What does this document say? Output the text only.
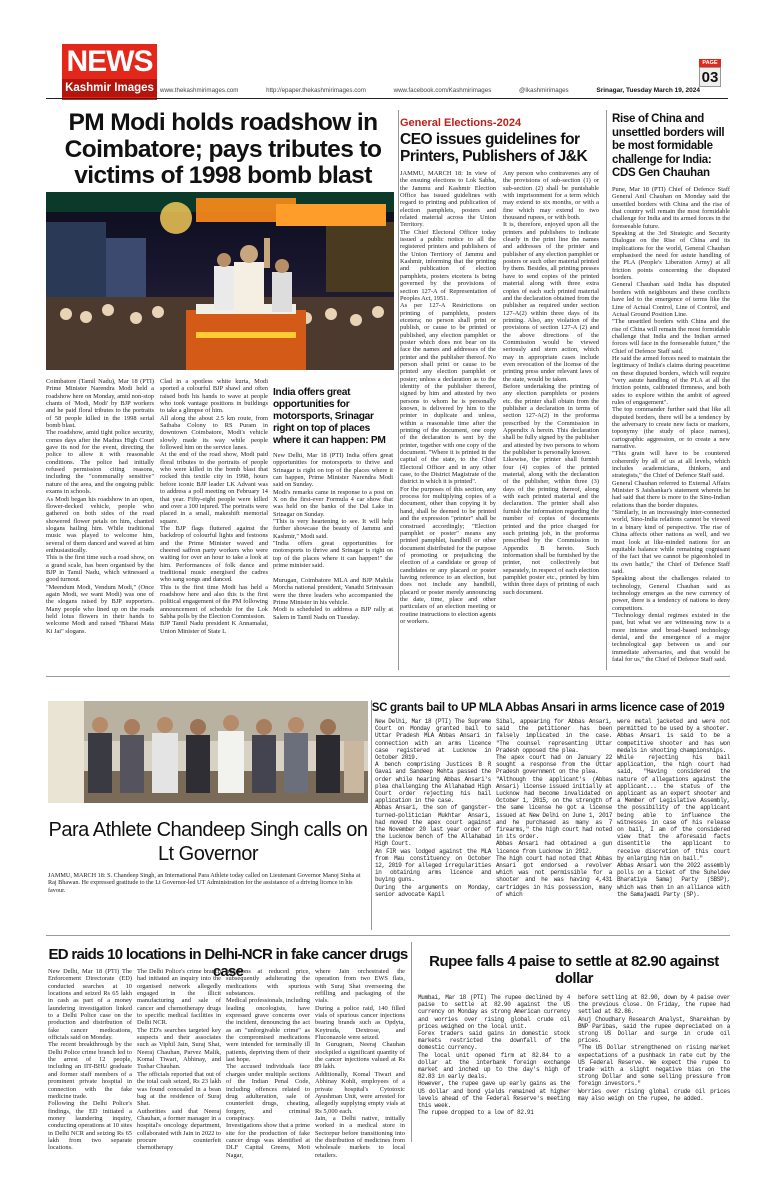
NEWS
Kashmir Images www.thekashmirimages.com	http://epaper.thekashmirimages.com	www.facebook.com/Kashmirimages	@Ikashmirimages	Srinagar, Tuesday March 19, 2024
PAGE
03
PM Modi holds roadshow in Coimbatore; pays tributes to victims of 1998 bomb blast
Coimbatore (Tamil Nadu), Mar 18 (PTI) Prime Minister Narendra Modi held a roadshow here on Monday, amid non-stop chants of 'Modi, Modi' by BJP workers and he paid floral tributes to the portraits of 58 people killed in the 1998 serial bomb blast.
The roadshow, amid tight police security, comes days after the Madras High Court gave its nod for the event, directing the police to allow it with reasonable conditions. The police had initially refused permission citing reasons, including the "communally sensitive" nature of the area, and the ongoing public exams in schools.
As Modi began his roadshow in an open, flower-decked vehicle, people who gathered on both sides of the road showered flower petals on him, chanted slogans hailing him. While traditional music was played to welcome him, several of them danced and waved at him enthusiastically.
This is the first time such a road show, on a grand scale, has been organised by the BJP in Tamil Nadu, which witnessed a good turnout.
"Meendum Modi, Vendum Modi," (Once again Modi, we want Modi) was one of the slogans raised by BJP supporters. Many people who lined up on the roads held lotus flowers in their hands to welcome Modi and raised "Bharat Mata Ki Jai" slogans.
Clad in a spotless white kurta, Modi sported a colourful BJP shawl and often raised both his hands to wave at people who took vantage positions in buildings to take a glimpse of him.
All along the about 2.5 km route, from Saibaba Colony to RS Puram in downtown Coimbatore, Modi's vehicle slowly made its way while people followed him on the service lanes.
At the end of the road show, Modi paid floral tributes to the portraits of people who were killed in the bomb blast that rocked this textile city in 1998, hours before iconic BJP leader LK Advani was to address a poll meeting on February 14 that year. Fifty-eight people were killed and over a 100 injured. The portraits were placed in a small, makeshift memorial square.
The BJP flags fluttered against the backdrop of colourful lights and festoons and the Prime Minister waved and cheered saffron party workers who were waiting for over an hour to take a look at him. Performances of folk dance and traditional music energised the cadres who sang songs and danced.
This is the first time Modi has held a roadshow here and also this is the first political engagement of the PM following announcement of schedule for the Lok Sabha polls by the Election Commission.
BJP Tamil Nadu president K Annamalai, Union Minister of State L
India offers great opportunities for motorsports, Srinagar right on top of places where it can happen: PM
New Delhi, Mar 18 (PTI) India offers great opportunities for motorsports to thrive and Srinagar is right on top of the places where it can happen, Prime Minister Narendra Modi said on Sunday.
Modi's remarks came in response to a post on X on the first-ever Formula 4 car show that was held on the banks of the Dal Lake in Srinagar on Sunday.
"This is very heartening to see. It will help further showcase the beauty of Jammu and Kashmir," Modi said.
"India offers great opportunities for motorsports to thrive and Srinagar is right on top of the places where it can happen!" the prime minister said.
Murugan, Coimbatore MLA and BJP Mahila Morcha national president, Vanathi Srinivasan were the three leaders who accompanied the Prime Minister in his vehicle.
Modi is scheduled to address a BJP rally at Salem in Tamil Nadu on Tuesday.
General Elections-2024
CEO issues guidelines for Printers, Publishers of J&K
JAMMU, MARCH 18: In view of the ensuing elections to Lok Sabha, the Jammu and Kashmir Election Office has issued guidelines with regard to printing and publication of election pamphlets, posters and related material across the Union Territory.
The Chief Electoral Officer today issued a public notice to all the registered printers and publishers of the Union Territory of Jammu and Kashmir, informing that the printing and publication of election pamphlets, posters etcetera is being governed by the provisions of section 127-A of Representation of Peoples Act, 1951.
As per 127-A Restrictions on printing of pamphlets, posters etcetera; no person shall print or publish, or cause to be printed or published, any election pamphlet or poster which does not bear on its face the names and addresses of the printer and the publisher thereof. No person shall print or cause to be printed any election pamphlet or poster; unless a declaration as to the identity of the publisher thereof, signed by him and attested by two persons to whom he is personally known, is delivered by him to the printer in duplicate and unless, within a reasonable time after the printing of the document, one copy of the declaration is sent by the printer, together with one copy of the document. "Where it is printed in the capital of the state, to the Chief Electoral Officer and in any other case, to the District Magistrate of the district in which it is printed".
For the purposes of this section, any process for multiplying copies of a document, other than copying it by hand, shall be deemed to be printed and the expression "printer" shall be construed accordingly; "Election pamphlet or poster" means any printed pamphlet, handbill or other document distributed for the purpose of promoting or prejudicing the election of a candidate or group of candidates or any placard or poster having reference to an election, but does not include any handbill, placard or poster merely announcing the date, time, place and other particulars of an election meeting or routine instructions to election agents or workers.
Any person who contravenes any of the provisions of sub-section (1) or sub-section (2) shall be punishable with imprisonment for a term which may extend to six months, or with a fine which may extend to two thousand rupees, or with both.
It is, therefore, enjoyed upon all the printers and publishers to indicate clearly in the print line the names and addresses of the printer and publisher of any election pamphlet or posters or such other material printed by them. Besides, all printing presses have to send copies of the printed material along with three extra copies of each such printed material and the declaration obtained from the publisher as required under section 127-A(2) within three days of its printing. Also, any violation of the provisions of section 127-A (2) and the above directions of the Commission would be viewed seriously and stern action, which may in appropriate cases include even revocation of the license of the printing press under relevant laws of the state, would be taken.
Before undertaking the printing of any election pamphlets or posters etc. the printer shall obtain from the publisher a declaration in terms of section 127-A(2) in the proforma prescribed by the Commission in Appendix A herein. This declaration shall be fully signed by the publisher and attested by two persons to whom the publisher is personally known.
Likewise, the printer shall furnish four (4) copies of the printed material, along with the declaration of the publisher, within three (3) days of the printing thereof, along with each printed material and the declaration. The printer shall also furnish the information regarding the number of copies of documents printed and the price charged for such printing job, in the proforma prescribed by the Commission in Appendix B hereto. Such information shall be furnished by the printer, not collectively but separately, in respect of each election pamphlet poster etc., printed by him within three days of printing of each such document.
Rise of China and unsettled borders will be most formidable challenge for India: CDS Gen Chauhan
Pune, Mar 18 (PTI) Chief of Defence Staff General Anil Chauhan on Monday said the unsettled borders with China and the rise of that country will remain the most formidable challenge for India and its armed forces in the foreseeable future.
Speaking at the 3rd Strategic and Security Dialogue on the Rise of China and its implications for the world, General Chauhan emphasised the need for astute handling of the PLA (People's Liberation Army) at all friction points concerning the disputed borders.
General Chauhan said India has disputed borders with neighbours and these conflicts have led to the emergence of terms like the Line of Actual Control, Line of Control, and Actual Ground Position Line.
"The unsettled borders with China and the rise of China will remain the most formidable challenge that India and the Indian armed forces will face in the foreseeable future," the Chief of Defence Staff said.
He said the armed forces need to maintain the legitimacy of India's claims during peacetime on these disputed borders, which will require "very astute handling of the PLA at all the friction points, calibrated firmness, and both sides to explore within the ambit of agreed rules of engagement".
The top commander further said that like all disputed borders, there will be a tendency by the adversary to create new facts or markers, toponymy (the study of place names), cartographic aggression, or to create a new narrative.
"This grain will have to be countered coherently by all of us at all levels, which includes academicians, thinkers, and strategists," the Chief of Defence Staff said.
General Chauhan referred to External Affairs Minister S Jaishankar's statement wherein he had said that there is more to the Sino-Indian relations than the border disputes.
"Similarly, in an increasingly inter-connected world, Sino-India relations cannot be viewed in a binary kind of perspective. The rise of China affects other nations as well, and we must look at like-minded nations for an equitable balance while remaining cognisant of the fact that we cannot be pigeonholed in its own battle," the Chief of Defence Staff said.
Speaking about the challenges related to technology, General Chauhan said as technology emerges as the new currency of power, there is a tendency of nations to deny competitors.
"Technology denial regimes existed in the past, but what we are witnessing now is a more intense and broad-based technology denial, and the emergence of a major technological gap between us and our immediate adversaries, and that would be fatal for us," the Chief of Defence Staff said.
Para Athlete Chandeep Singh calls on Lt Governor
JAMMU, MARCH 18: S. Chandeep Singh, an International Para Athlete today called on Lieutenant Governor Manoj Sinha at Raj Bhawan. He expressed gratitude to the Lt Governor-led UT Administration for the assistance of a driving licence in his favour.
SC grants bail to UP MLA Abbas Ansari in arms licence case of 2019
New Delhi, Mar 18 (PTI) The Supreme Court on Monday granted bail to Uttar Pradesh MLA Abbas Ansari in connection with an arms licence case registered at Lucknow in October 2019.
A bench comprising Justices B R Gavai and Sandeep Mehta passed the order while hearing Abbas Ansari's plea challenging the Allahabad High Court order rejecting his bail application in the case.
Abbas Ansari, the son of gangster-turned-politician Mukhtar Ansari, had moved the apex court against the November 20 last year order of the Lucknow bench of the Allahabad High Court.
An FIR was lodged against the MLA from Mau constituency on October 12, 2019 for alleged irregularities in obtaining arms licence and buying guns.
During the arguments on Monday, senior advocate Kapil
Sibal, appearing for Abbas Ansari, said the petitioner has been falsely implicated in the case. "The counsel representing Uttar Pradesh opposed the plea.
The apex court had on January 22 sought a response from the Uttar Pradesh government on the plea.
"Although the applicant's (Abbas Ansari) license issued initially at Lucknow had become invalidated on October 1, 2015, on the strength of the same license he got a license issued at New Delhi on June 1, 2017 and he purchased as many as 7 firearms," the high court had noted in its order.
Abbas Ansari had obtained a gun licence from Lucknow in 2012.
The high court had noted that Abbas Ansari got endorsed a revolver which was not permissible for a shooter and he was having 4,431 cartridges in his possession, many of which
were metal jacketed and were not permitted to be used by a shooter.
Abbas Ansari is said to be a competitive shooter and has won medals in shooting championships.
While rejecting his bail application, the high court had said, "Having considered the nature of allegations against the applicant... the status of the applicant as an expert shooter and a Member of Legislative Assembly, the possibility of the applicant being able to influence the witnesses in case of his release on bail, I am of the considered view that the aforesaid facts disentitle the applicant to receive discretion of this court by enlarging him on bail."
Abbas Ansari won the 2022 assembly polls on a ticket of the Suheldev Bharatiya Samaj Party (SBSP), which was then in an alliance with the Samajwadi Party (SP).
ED raids 10 locations in Delhi-NCR in fake cancer drugs case
New Delhi, Mar 18 (PTI) The Enforcement Directorate (ED) conducted searches at 10 locations and seized Rs 65 lakh in cash as part of a money laundering investigation linked to a Delhi Police case on the production and distribution of fake cancer medications, officials said on Monday.
The recent breakthrough by the Delhi Police crime branch led to the arrest of 12 people, including an IIT-BHU graduate and former staff members of a prominent private hospital in connection with the fake medicine trade.
Following the Delhi Police's findings, the ED initiated a money laundering inquiry, conducting operations at 10 sites in Delhi NCR and seizing Rs 65 lakh from two separate locations.
The Delhi Police's crime branch had initiated an inquiry into the organised network allegedly engaged in the illicit manufacturing and sale of cancer and chemotherapy drugs to specific medical facilities in Delhi NCR.
The ED's searches targeted key suspects and their associates such as Viphil Jain, Suraj Shat, Neeraj Chauhan, Parvez Malik, Komal Tiwari, Abhinay, and Tushar Chauhan.
The officials reported that out of the total cash seized, Rs 23 lakh was found concealed in a bean bag at the residence of Suraj Shat.
Authorities said that Neeraj Chauhan, a former manager in a hospital's oncology department, collaborated with Jain in 2022 to procure counterfeit chemotherapy
injections at reduced price, subsequently adulterating the medications with spurious substances.
Medical professionals, including leading oncologists, have expressed grave concerns over the incident, denouncing the act as an "unforgivable crime" as the compromised medications were intended for terminally ill patients, depriving them of their last hope.
The accused individuals face charges under multiple sections of the Indian Penal Code, including offences related to drug adulteration, sale of counterfeit drugs, cheating, forgery, and criminal conspiracy.
Investigations show that a prime site for the production of fake cancer drugs was identified at DLF Capital Greens, Moti Nagar,
where Jain orchestrated the operation from two EWS flats, with Suraj Shat overseeing the refilling and packaging of the vials.
During a police raid, 140 filled vials of spurious cancer injections bearing brands such as Opdyta, Keytruda, Dextrose, and Fluconazole were seized.
In Gurugram, Neeraj Chauhan stockpiled a significant quantity of the cancer injections valued at Rs 89 lakh.
Additionally, Komal Tiwari and Abhinay Kohli, employees of a private hospital's Cytotoxic Ayushman Unit, were arrested for allegedly supplying empty vials at Rs 5,000 each.
Jain, a Delhi native, initially worked in a medical store in Sectorpur before transitioning into the distribution of medicines from wholesale markets to local retailers.
Rupee falls 4 paise to settle at 82.90 against dollar
Mumbai, Mar 18 (PTI) The rupee declined by 4 paise to settle at 82.90 against the US currency on Monday as strong American currency and worries over rising global crude oil prices weighed on the local unit.
Forex traders said gains in domestic stock markets restricted the downfall of the domestic currency.
The local unit opened firm at 82.84 to a dollar at the interbank foreign exchange market and inched up to the day's high of 82.83 in early deals.
However, the rupee gave up early gains as the US dollar and bond yields remained at higher levels ahead of the Federal Reserve's meeting this week.
The rupee dropped to a low of 82.91
before settling at 82.90, down by 4 paise over the previous close. On Friday, the rupee had settled at 82.86.
Anuj Choudhary Research Analyst, Sharekhan by BNP Paribas, said the rupee depreciated on a strong US Dollar and surge in crude oil prices.
"The US Dollar strengthened on rising market expectations of a pushback in rate cut by the US Federal Reserve. We expect the rupee to trade with a slight negative bias on the strong Dollar and some selling pressure from foreign investors."
Worries over rising global crude oil prices may also weigh on the rupee, he added.
